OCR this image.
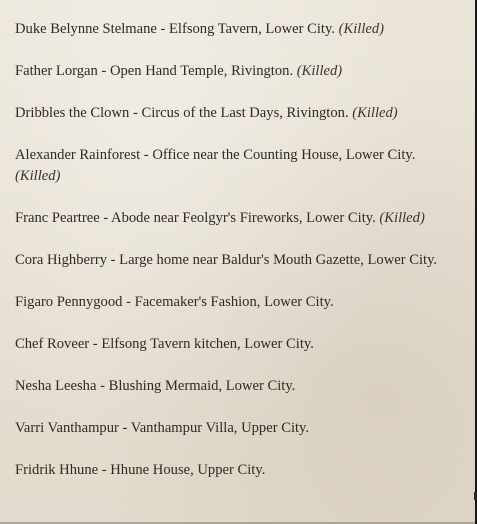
Duke Belynne Stelmane - Elfsong Tavern, Lower City. (Killed)
Father Lorgan - Open Hand Temple, Rivington. (Killed)
Dribbles the Clown - Circus of the Last Days, Rivington. (Killed)
Alexander Rainforest - Office near the Counting House, Lower City. (Killed)
Franc Peartree - Abode near Feolgyr's Fireworks, Lower City. (Killed)
Cora Highberry - Large home near Baldur's Mouth Gazette, Lower City.
Figaro Pennygood - Facemaker's Fashion, Lower City.
Chef Roveer - Elfsong Tavern kitchen, Lower City.
Nesha Leesha - Blushing Mermaid, Lower City.
Varri Vanthampur - Vanthampur Villa, Upper City.
Fridrik Hhune - Hhune House, Upper City.
